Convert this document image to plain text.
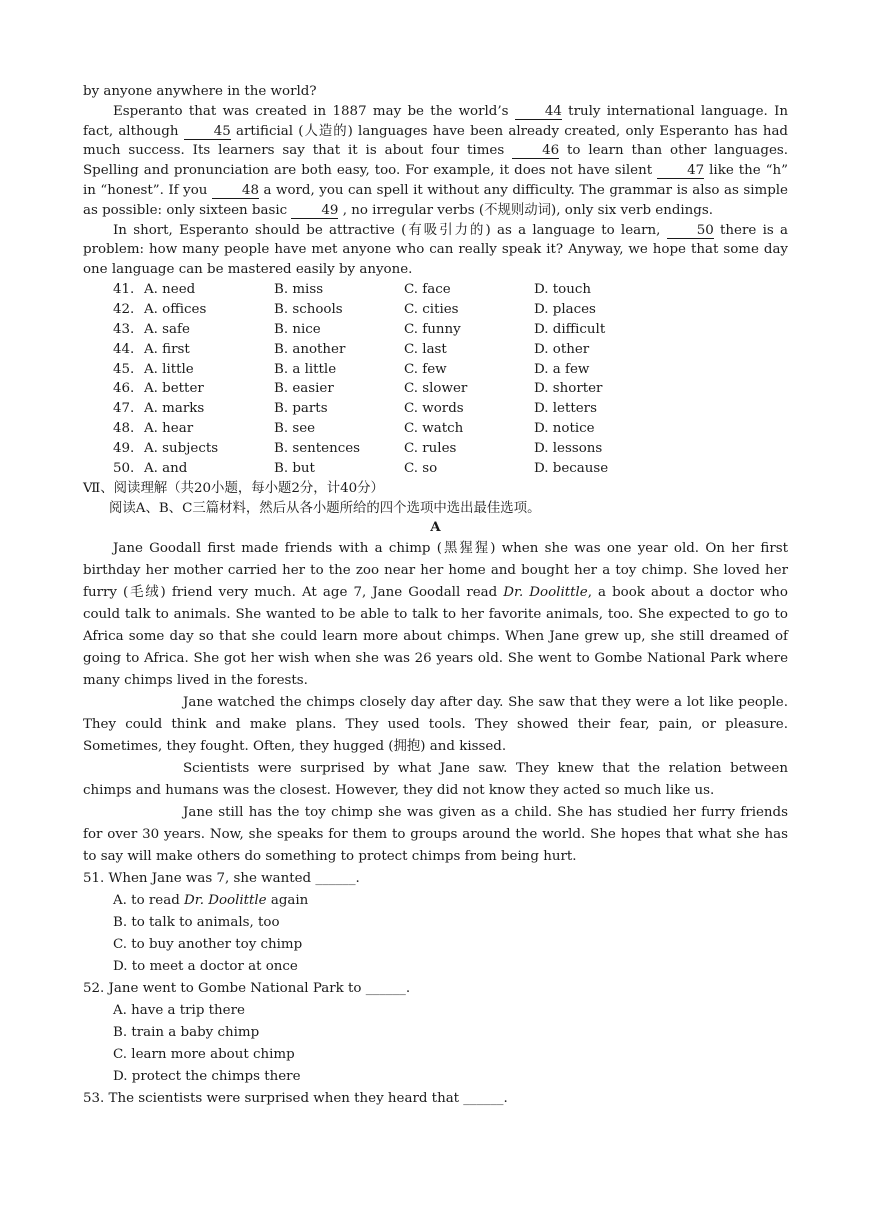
by anyone anywhere in the world?

Esperanto that was created in 1887 may be the world’s 44 truly international language. In fact, although 45 artificial (人造的) languages have been already created, only Esperanto has had much success. Its learners say that it is about four times 46 to learn than other languages. Spelling and pronunciation are both easy, too. For example, it does not have silent 47 like the “h” in “honest”. If you 48 a word, you can spell it without any difficulty. The grammar is also as simple as possible: only sixteen basic 49 , no irregular verbs (不规则动词), only six verb endings.

In short, Esperanto should be attractive (有吸引力的) as a language to learn, 50 there is a problem: how many people have met anyone who can really speak it? Anyway, we hope that some day one language can be mastered easily by anyone.

41. A. need	B. miss	C. face	D. touch
42. A. offices	B. schools	C. cities	D. places
43. A. safe	B. nice	C. funny	D. difficult
44. A. first	B. another	C. last	D. other
45. A. little	B. a little	C. few	D. a few
46. A. better	B. easier	C. slower	D. shorter
47. A. marks	B. parts	C. words	D. letters
48. A. hear	B. see	C. watch	D. notice
49. A. subjects	B. sentences	C. rules	D. lessons
50. A. and	B. but	C. so	D. because

Ⅶ、阅读理解（共20小题，每小题2分，计40分）

阅读A、B、C三篇材料，然后从各小题所给的四个选项中选出最佳选项。

A

Jane Goodall first made friends with a chimp (黑猩猩) when she was one year old. On her first birthday her mother carried her to the zoo near her home and bought her a toy chimp. She loved her furry (毛绒) friend very much. At age 7, Jane Goodall read Dr. Doolittle, a book about a doctor who could talk to animals. She wanted to be able to talk to her favorite animals, too. She expected to go to Africa some day so that she could learn more about chimps. When Jane grew up, she still dreamed of going to Africa. She got her wish when she was 26 years old. She went to Gombe National Park where many chimps lived in the forests.

Jane watched the chimps closely day after day. She saw that they were a lot like people. They could think and make plans. They used tools. They showed their fear, pain, or pleasure. Sometimes, they fought. Often, they hugged (拥抱) and kissed.

Scientists were surprised by what Jane saw. They knew that the relation between chimps and humans was the closest. However, they did not know they acted so much like us.

Jane still has the toy chimp she was given as a child. She has studied her furry friends for over 30 years. Now, she speaks for them to groups around the world. She hopes that what she has to say will make others do something to protect chimps from being hurt.

51. When Jane was 7, she wanted ______.

A. to read Dr. Doolittle again

B. to talk to animals, too

C. to buy another toy chimp

D. to meet a doctor at once

52. Jane went to Gombe National Park to ______.

A. have a trip there

B. train a baby chimp

C. learn more about chimp

D. protect the chimps there

53. The scientists were surprised when they heard that ______.
